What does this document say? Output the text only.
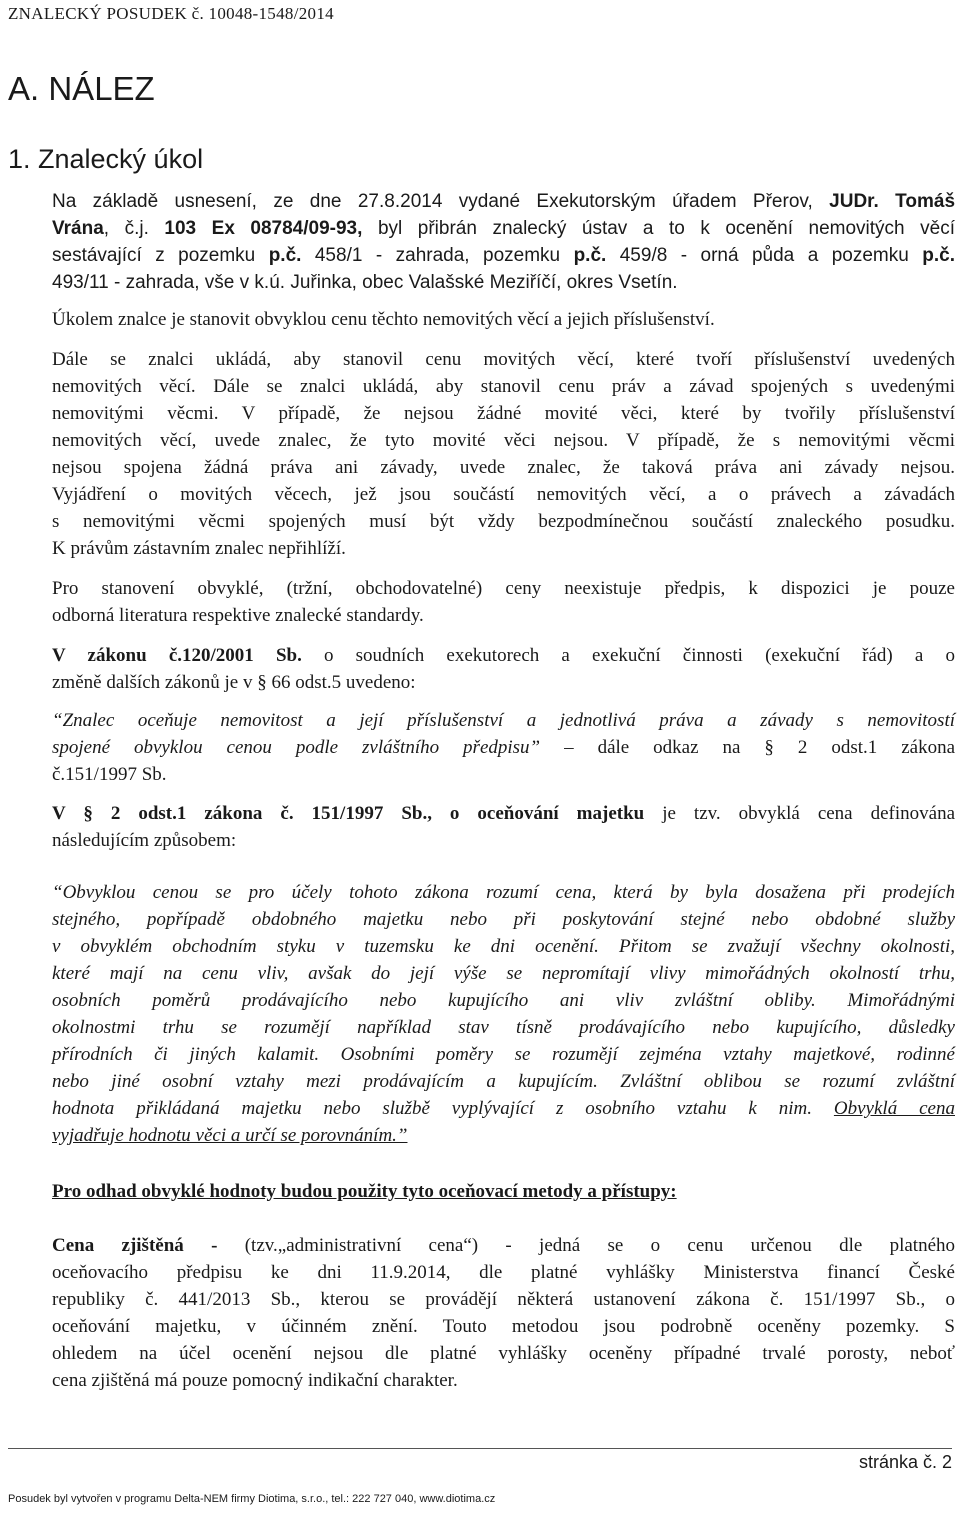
ZNALECKÝ POSUDEK č. 10048-1548/2014
A. NÁLEZ
1. Znalecký úkol
Na základě usnesení, ze dne 27.8.2014 vydané Exekutorským úřadem Přerov, JUDr. Tomáš
Vrána, č.j. 103 Ex 08784/09-93, byl přibrán znalecký ústav a to k ocenění nemovitých věcí
sestávající z pozemku p.č. 458/1 - zahrada, pozemku p.č. 459/8 - orná půda a pozemku p.č.
493/11 - zahrada, vše v k.ú. Juřinka, obec Valašské Meziříčí, okres Vsetín.
Úkolem znalce je stanovit obvyklou cenu těchto nemovitých věcí a jejich příslušenství.
Dále se znalci ukládá, aby stanovil cenu movitých věcí, které tvoří příslušenství uvedených
nemovitých věcí. Dále se znalci ukládá, aby stanovil cenu práv a závad spojených s uvedenými
nemovitými věcmi. V případě, že nejsou žádné movité věci, které by tvořily příslušenství
nemovitých věcí, uvede znalec, že tyto movité věci nejsou. V případě, že s nemovitými věcmi
nejsou spojena žádná práva ani závady, uvede znalec, že taková práva ani závady nejsou.
Vyjádření o movitých věcech, jež jsou součástí nemovitých věcí, a o právech a závadách
s nemovitými věcmi spojených musí být vždy bezpodmínečnou součástí znaleckého posudku.
K právům zástavním znalec nepřihlíží.
Pro stanovení obvyklé, (tržní, obchodovatelné) ceny neexistuje předpis, k dispozici je pouze
odborná literatura respektive znalecké standardy.
V zákonu č.120/2001 Sb. o soudních exekutorech a exekuční činnosti (exekuční řád) a o
změně dalších zákonů je v § 66 odst.5 uvedeno:
“Znalec oceňuje nemovitost a její příslušenství a jednotlivá práva a závady s nemovitostí
spojené obvyklou cenou podle zvláštního předpisu” – dále odkaz na § 2 odst.1 zákona
č.151/1997 Sb.
V § 2 odst.1 zákona č. 151/1997 Sb., o oceňování majetku je tzv. obvyklá cena definována
následujícím způsobem:
“Obvyklou cenou se pro účely tohoto zákona rozumí cena, která by byla dosažena při prodejích
stejného, popřípadě obdobného majetku nebo při poskytování stejné nebo obdobné služby
v obvyklém obchodním styku v tuzemsku ke dni ocenění. Přitom se zvažují všechny okolnosti,
které mají na cenu vliv, avšak do její výše se nepromítají vlivy mimořádných okolností trhu,
osobních poměrů prodávajícího nebo kupujícího ani vliv zvláštní obliby. Mimořádnými
okolnostmi trhu se rozumějí například stav tísně prodávajícího nebo kupujícího, důsledky
přírodních či jiných kalamit. Osobními poměry se rozumějí zejména vztahy majetkové, rodinné
nebo jiné osobní vztahy mezi prodávajícím a kupujícím. Zvláštní oblibou se rozumí zvláštní
hodnota přikládaná majetku nebo službě vyplývající z osobního vztahu k nim. Obvyklá cena
vyjadřuje hodnotu věci a určí se porovnáním.”
Pro odhad obvyklé hodnoty budou použity tyto oceňovací metody a přístupy:
Cena zjištěná - (tzv.„administrativní cena“) - jedná se o cenu určenou dle platného
oceňovacího předpisu ke dni 11.9.2014, dle platné vyhlášky Ministerstva financí České
republiky č. 441/2013 Sb., kterou se provádějí některá ustanovení zákona č. 151/1997 Sb., o
oceňování majetku, v účinném znění. Touto metodou jsou podrobně oceněny pozemky. S
ohledem na účel ocenění nejsou dle platné vyhlášky oceněny případné trvalé porosty, neboť
cena zjištěná má pouze pomocný indikační charakter.
stránka č. 2
Posudek byl vytvořen v programu Delta-NEM firmy Diotima, s.r.o., tel.: 222 727 040, www.diotima.cz
